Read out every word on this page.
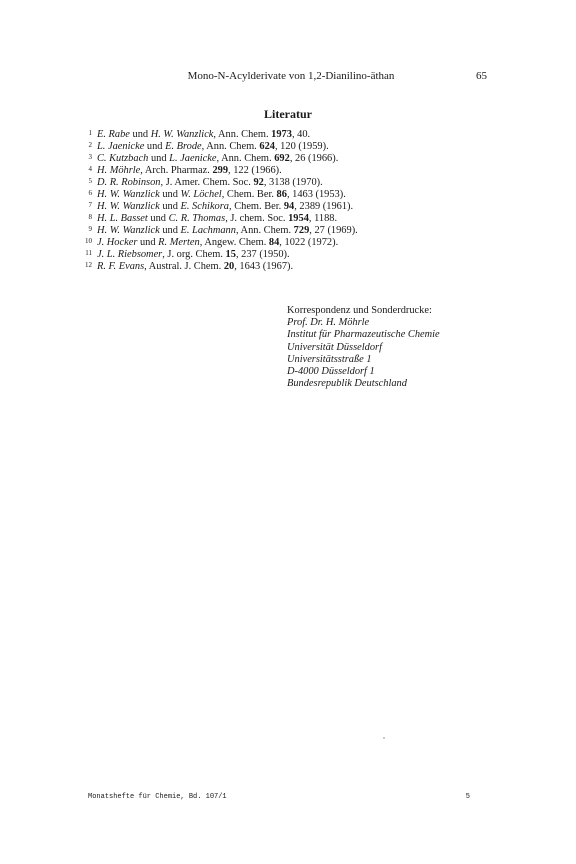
Mono-N-Acylderivate von 1,2-Dianilino-äthan	65
Literatur
1 E. Rabe und H. W. Wanzlick, Ann. Chem. 1973, 40.
2 L. Jaenicke und E. Brode, Ann. Chem. 624, 120 (1959).
3 C. Kutzbach und L. Jaenicke, Ann. Chem. 692, 26 (1966).
4 H. Möhrle, Arch. Pharmaz. 299, 122 (1966).
5 D. R. Robinson, J. Amer. Chem. Soc. 92, 3138 (1970).
6 H. W. Wanzlick und W. Löchel, Chem. Ber. 86, 1463 (1953).
7 H. W. Wanzlick und E. Schikora, Chem. Ber. 94, 2389 (1961).
8 H. L. Basset und C. R. Thomas, J. chem. Soc. 1954, 1188.
9 H. W. Wanzlick und E. Lachmann, Ann. Chem. 729, 27 (1969).
10 J. Hocker und R. Merten, Angew. Chem. 84, 1022 (1972).
11 J. L. Riebsomer, J. org. Chem. 15, 237 (1950).
12 R. F. Evans, Austral. J. Chem. 20, 1643 (1967).
Korrespondenz und Sonderdrucke:
Prof. Dr. H. Möhrle
Institut für Pharmazeutische Chemie
Universität Düsseldorf
Universitätsstraße 1
D-4000 Düsseldorf 1
Bundesrepublik Deutschland
Monatshefte für Chemie, Bd. 107/1	5
